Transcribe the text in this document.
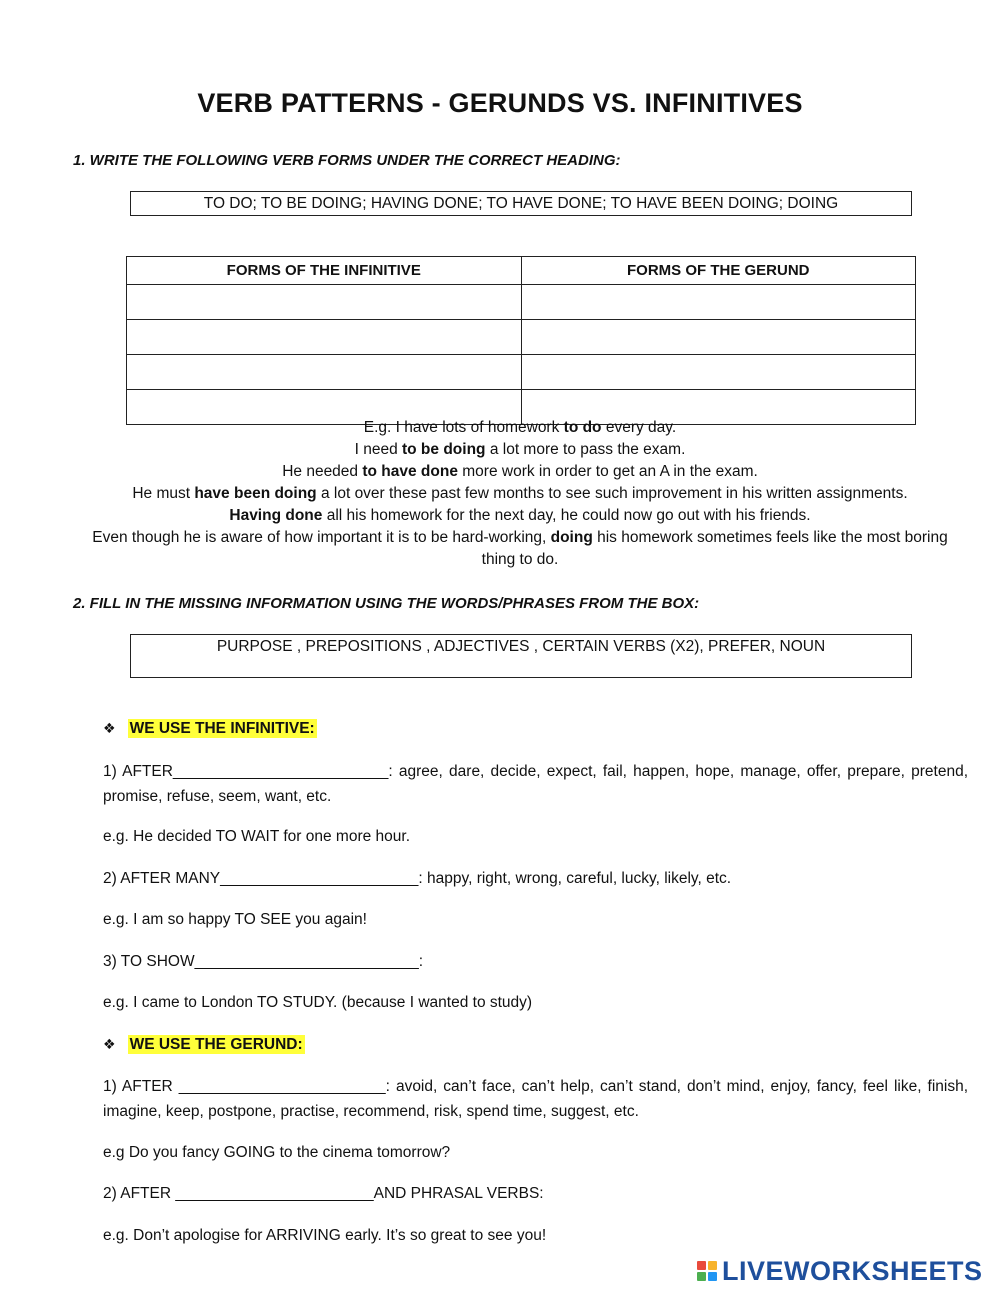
VERB PATTERNS - GERUNDS VS. INFINITIVES
1. WRITE THE FOLLOWING VERB FORMS UNDER THE CORRECT HEADING:
TO DO; TO BE DOING; HAVING DONE; TO HAVE DONE; TO HAVE BEEN DOING; DOING
FORMS OF THE INFINITIVE	FORMS OF THE GERUND

E.g. I have lots of homework to do every day.

I need to be doing a lot more to pass the exam.

He needed to have done more work in order to get an A in the exam.

He must have been doing a lot over these past few months to see such improvement in his written assignments.

Having done all his homework for the next day, he could now go out with his friends.

Even though he is aware of how important it is to be hard-working, doing his homework sometimes feels like the most boring thing to do.

2. FILL IN THE MISSING INFORMATION USING THE WORDS/PHRASES FROM THE BOX:
PURPOSE , PREPOSITIONS , ADJECTIVES , CERTAIN VERBS (X2), PREFER, NOUN
❖ WE USE THE INFINITIVE:
1) AFTER_________________________: agree, dare, decide, expect, fail, happen, hope, manage, offer, prepare, pretend, promise, refuse, seem, want, etc.
e.g. He decided TO WAIT for one more hour.
2) AFTER MANY_______________________: happy, right, wrong, careful, lucky, likely, etc.
e.g. I am so happy TO SEE you again!
3) TO SHOW__________________________:
e.g. I came to London TO STUDY. (because I wanted to study)
❖ WE USE THE GERUND:
1) AFTER ________________________: avoid, can’t face, can’t help, can’t stand, don’t mind, enjoy, fancy, feel like, finish, imagine, keep, postpone, practise, recommend, risk, spend time, suggest, etc.
e.g Do you fancy GOING to the cinema tomorrow?
2) AFTER _______________________AND PHRASAL VERBS:
e.g. Don’t apologise for ARRIVING early. It’s so great to see you!
LIVEWORKSHEETS
